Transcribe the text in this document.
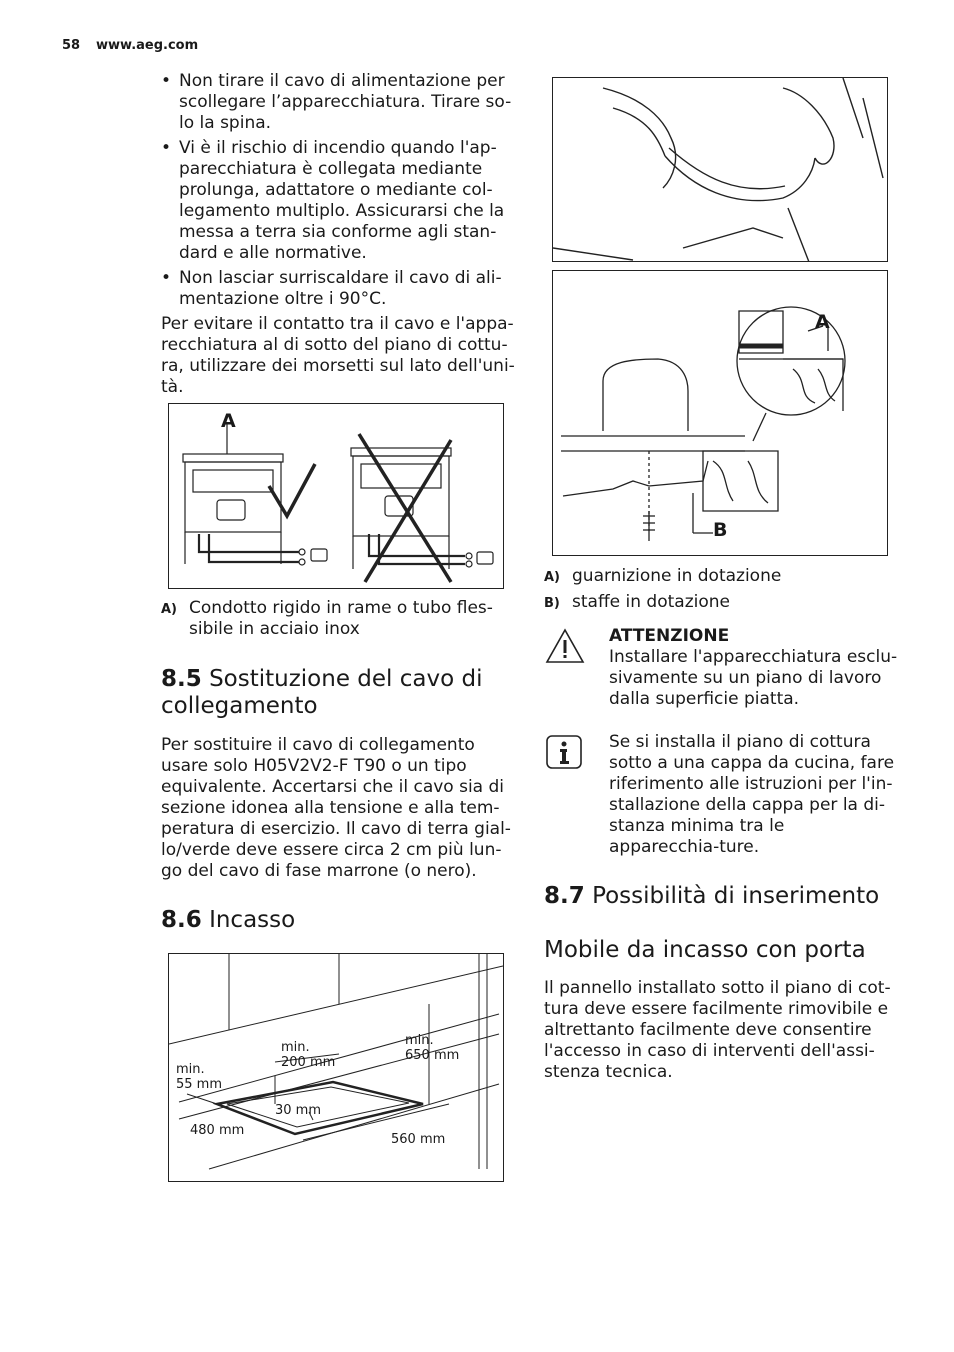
58 www.aeg.com

• Non tirare il cavo di alimentazione per scollegare l’apparecchiatura. Tirare so-lo la spina.

• Vi è il rischio di incendio quando l'ap-parecchiatura è collegata mediante prolunga, adattatore o mediante col-legamento multiplo. Assicurarsi che la messa a terra sia conforme agli stan-dard e alle normative.

• Non lasciar surriscaldare il cavo di ali-mentazione oltre i 90°C.

Per evitare il contatto tra il cavo e l'appa-recchiatura al di sotto del piano di cottu-ra, utilizzare dei morsetti sul lato dell'uni-tà.

A
A) Condotto rigido in rame o tubo fles-sibile in acciaio inox
8.5 Sostituzione del cavo di collegamento
Per sostituire il cavo di collegamento usare solo H05V2V2-F T90 o un tipo equivalente. Accertarsi che il cavo sia di sezione idonea alla tensione e alla tem-peratura di esercizio. Il cavo di terra gial-lo/verde deve essere circa 2 cm più lun-go del cavo di fase marrone (o nero).
8.6 Incasso
min.
55 mm
min.
200 mm
min.
650 mm
30 mm
480 mm
560 mm
A
B
A) guarnizione in dotazione
B) staffe in dotazione
ATTENZIONE
Installare l'apparecchiatura esclu-sivamente su un piano di lavoro dalla superficie piatta.
Se si installa il piano di cottura sotto a una cappa da cucina, fare riferimento alle istruzioni per l'in-stallazione della cappa per la di-stanza minima tra le apparecchia-ture.
8.7 Possibilità di inserimento
Mobile da incasso con porta
Il pannello installato sotto il piano di cot-tura deve essere facilmente rimovibile e altrettanto facilmente deve consentire l'accesso in caso di interventi dell'assi-stenza tecnica.
